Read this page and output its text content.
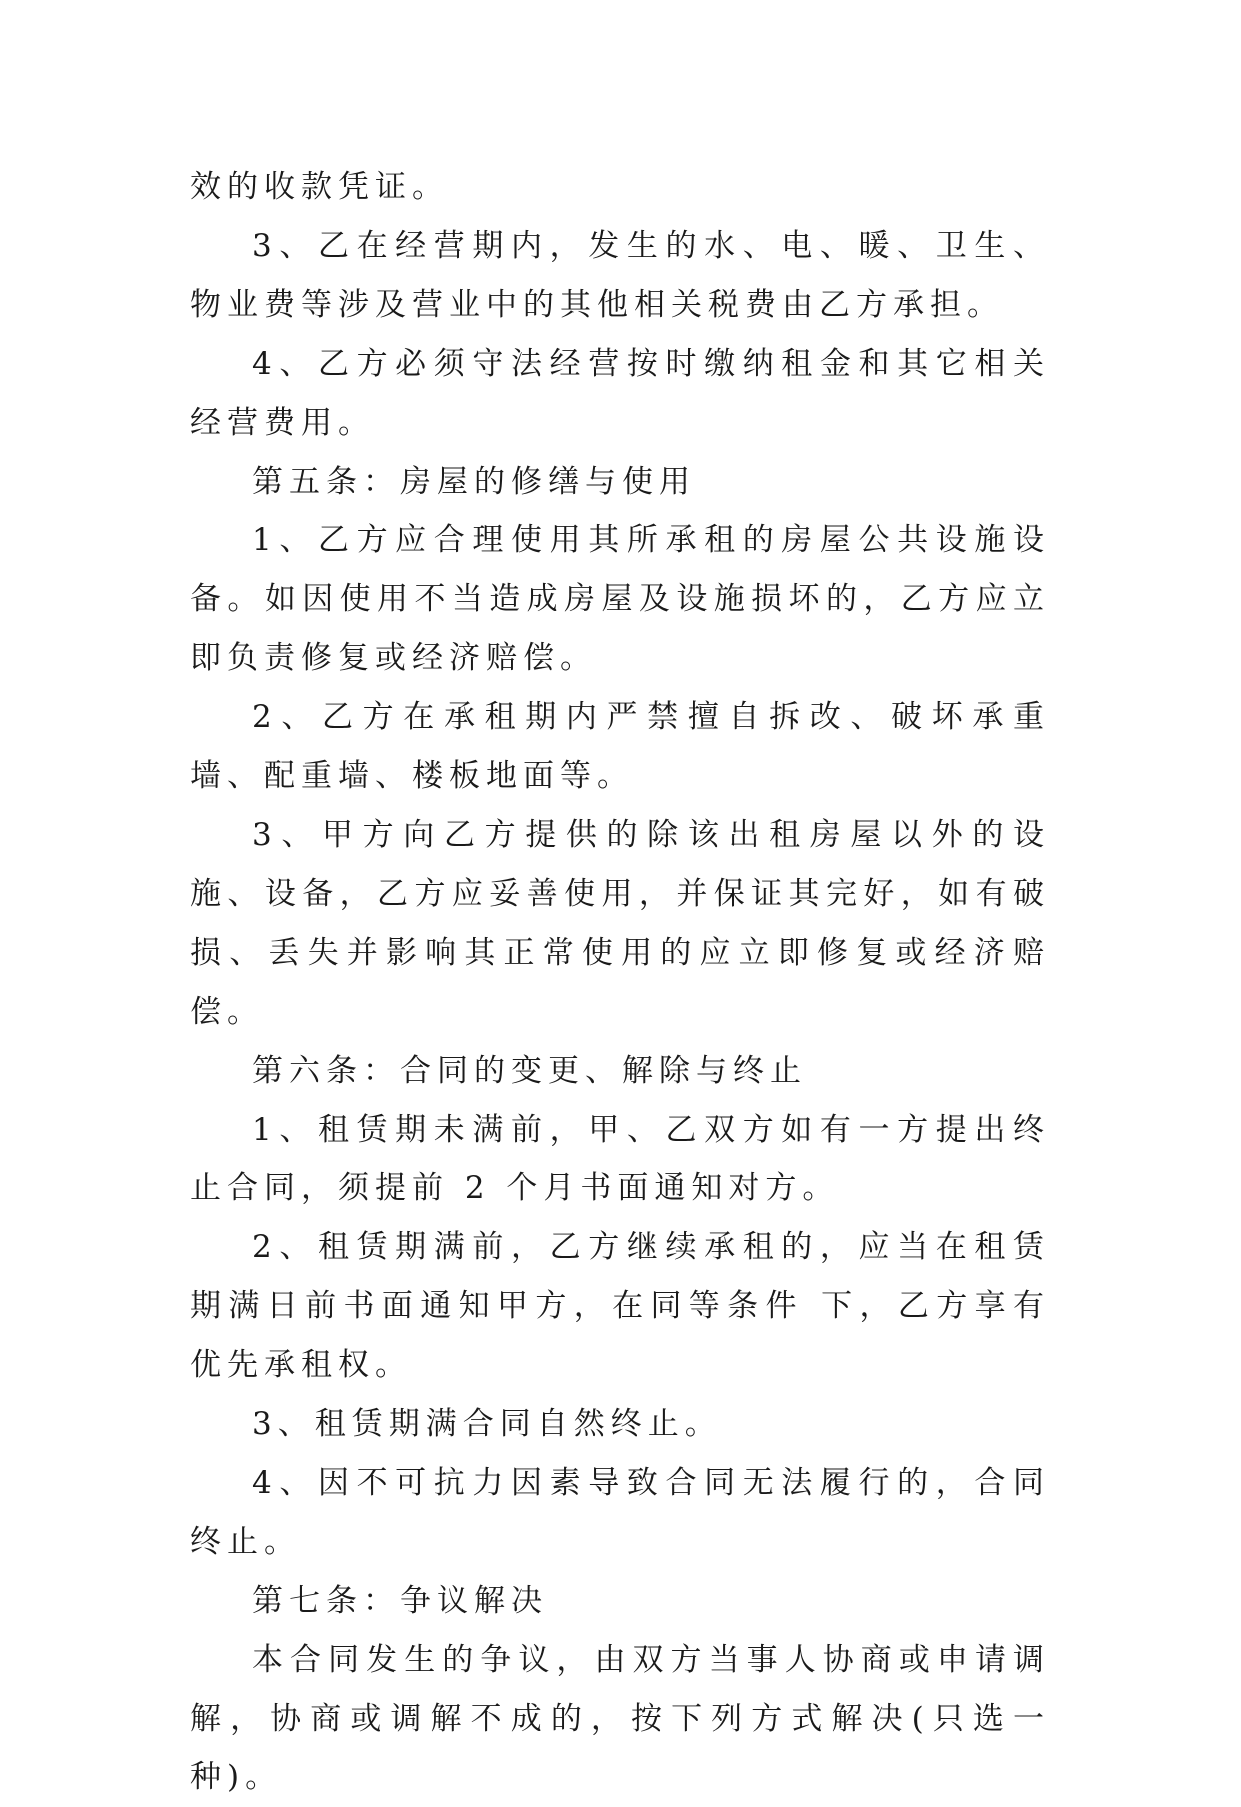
效的收款凭证。

3、乙在经营期内，发生的水、电、暖、卫生、物业费等涉及营业中的其他相关税费由乙方承担。

4、乙方必须守法经营按时缴纳租金和其它相关经营费用。

第五条：房屋的修缮与使用

1、乙方应合理使用其所承租的房屋公共设施设备。如因使用不当造成房屋及设施损坏的，乙方应立即负责修复或经济赔偿。

2、乙方在承租期内严禁擅自拆改、破坏承重墙、配重墙、楼板地面等。

3、甲方向乙方提供的除该出租房屋以外的设施、设备，乙方应妥善使用，并保证其完好，如有破损、丢失并影响其正常使用的应立即修复或经济赔偿。

第六条：合同的变更、解除与终止

1、租赁期未满前，甲、乙双方如有一方提出终止合同，须提前 2 个月书面通知对方。

2、租赁期满前，乙方继续承租的，应当在租赁期满日前书面通知甲方，在同等条件 下，乙方享有优先承租权。

3、租赁期满合同自然终止。

4、因不可抗力因素导致合同无法履行的，合同终止。

第七条：争议解决

本合同发生的争议，由双方当事人协商或申请调解，协商或调解不成的，按下列方式解决(只选一种)。
